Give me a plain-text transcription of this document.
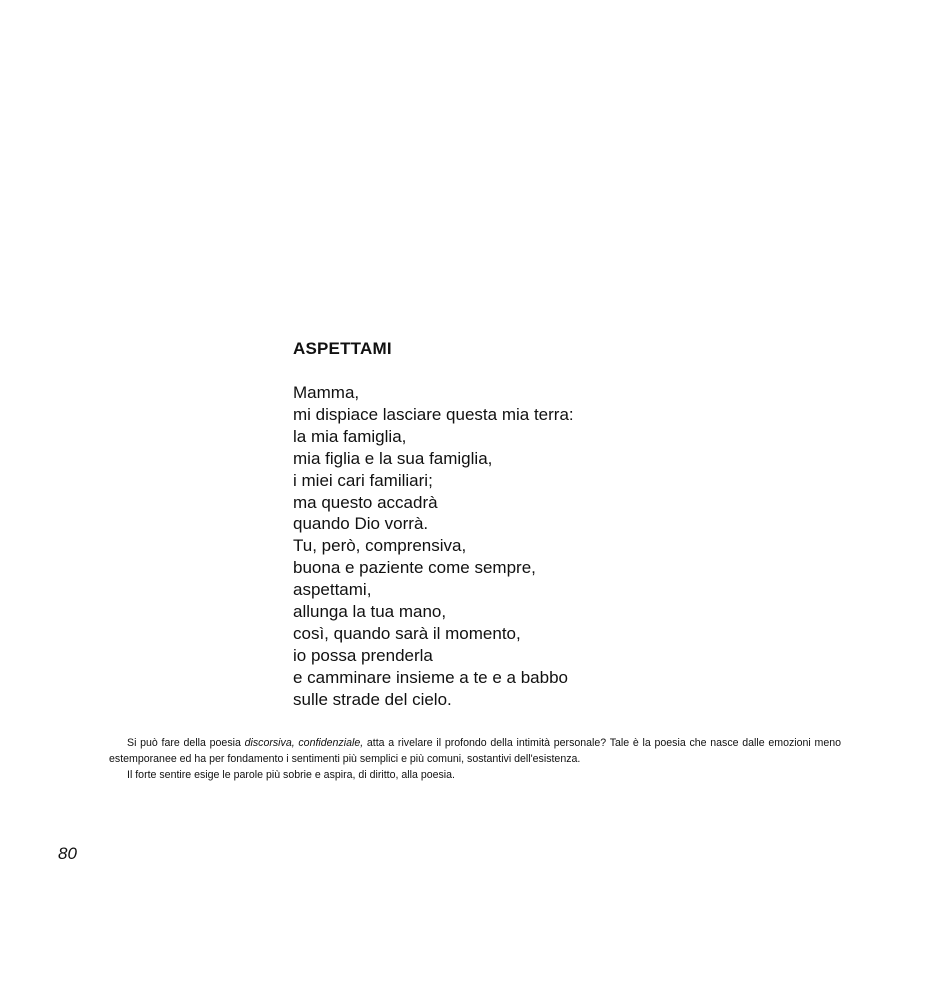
ASPETTAMI
Mamma,
mi dispiace lasciare questa mia terra:
la mia famiglia,
mia figlia e la sua famiglia,
i miei cari familiari;
ma questo accadrà
quando Dio vorrà.
Tu, però, comprensiva,
buona e paziente come sempre,
aspettami,
allunga la tua mano,
così, quando sarà il momento,
io possa prenderla
e camminare insieme a te e a babbo
sulle strade del cielo.

Si può fare della poesia discorsiva, confidenziale, atta a rivelare il profondo della intimità personale? Tale è la poesia che nasce dalle emozioni meno estemporanee ed ha per fondamento i sentimenti più semplici e più comuni, sostantivi dell'esistenza.

Il forte sentire esige le parole più sobrie e aspira, di diritto, alla poesia.

80
